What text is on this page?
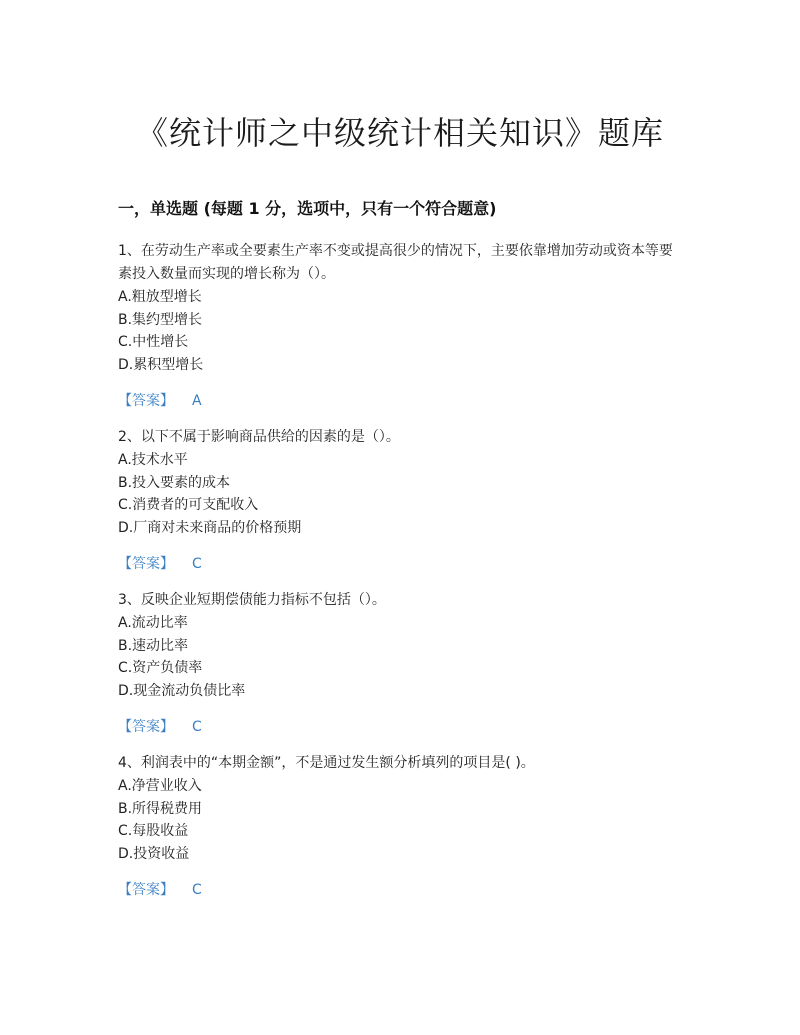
《统计师之中级统计相关知识》题库
一，单选题 (每题 1 分，选项中，只有一个符合题意)

1、在劳动生产率或全要素生产率不变或提高很少的情况下，主要依靠增加劳动或资本等要素投入数量而实现的增长称为（）。

A.粗放型增长

B.集约型增长

C.中性增长

D.累积型增长

【答案】 A

2、以下不属于影响商品供给的因素的是（）。

A.技术水平

B.投入要素的成本

C.消费者的可支配收入

D.厂商对未来商品的价格预期

【答案】 C

3、反映企业短期偿债能力指标不包括（）。

A.流动比率

B.速动比率

C.资产负债率

D.现金流动负债比率

【答案】 C

4、利润表中的“本期金额”，不是通过发生额分析填列的项目是( )。

A.净营业收入

B.所得税费用

C.每股收益

D.投资收益

【答案】 C
